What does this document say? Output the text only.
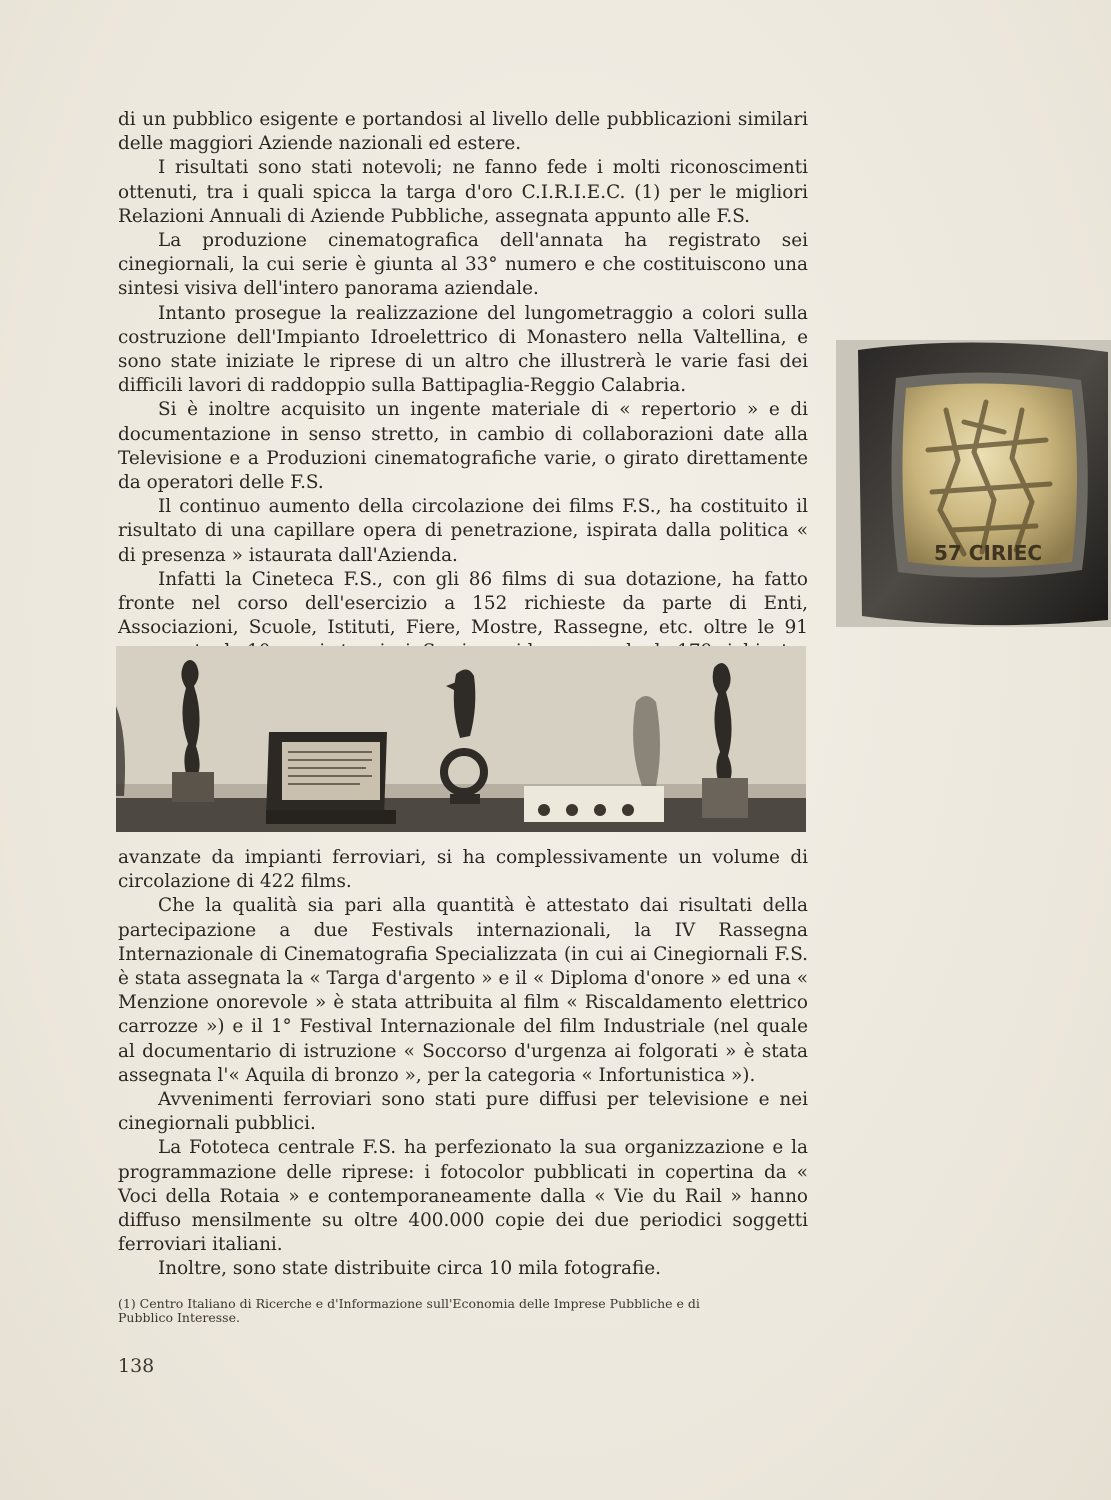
di un pubblico esigente e portandosi al livello delle pubblicazioni similari delle maggiori Aziende nazionali ed estere.

I risultati sono stati notevoli; ne fanno fede i molti riconoscimenti ottenuti, tra i quali spicca la targa d'oro C.I.R.I.E.C. (1) per le migliori Relazioni Annuali di Aziende Pubbliche, assegnata appunto alle F.S.

La produzione cinematografica dell'annata ha registrato sei cinegiornali, la cui serie è giunta al 33° numero e che costituiscono una sintesi visiva dell'intero panorama aziendale.

Intanto prosegue la realizzazione del lungometraggio a colori sulla costruzione dell'Impianto Idroelettrico di Monastero nella Valtellina, e sono state iniziate le riprese di un altro che illustrerà le varie fasi dei difficili lavori di raddoppio sulla Battipaglia-Reggio Calabria.

Si è inoltre acquisito un ingente materiale di « repertorio » e di documentazione in senso stretto, in cambio di collaborazioni date alla Televisione e a Produzioni cinematografiche varie, o girato direttamente da operatori delle F.S.

Il continuo aumento della circolazione dei films F.S., ha costituito il risultato di una capillare opera di penetrazione, ispirata dalla politica « di presenza » istaurata dall'Azienda.

Infatti la Cineteca F.S., con gli 86 films di sua dotazione, ha fatto fronte nel corso dell'esercizio a 152 richieste da parte di Enti, Associazioni, Scuole, Istituti, Fiere, Mostre, Rassegne, etc. oltre le 91

57 CIRIEC

avanzate da impianti ferroviari, si ha complessivamente un volume di circolazione di 422 films.

Che la qualità sia pari alla quantità è attestato dai risultati della partecipazione a due Festivals internazionali, la IV Rassegna Internazionale di Cinematografia Specializzata (in cui ai Cinegiornali F.S. è stata assegnata la « Targa d'argento » e il « Diploma d'onore » ed una « Menzione onorevole » è stata attribuita al film « Riscaldamento elettrico carrozze ») e il 1° Festival Internazionale del film Industriale (nel quale al documentario di istruzione « Soccorso d'urgenza ai folgorati » è stata assegnata l'« Aquila di bronzo », per la categoria « Infortunistica »).

Avvenimenti ferroviari sono stati pure diffusi per televisione e nei cinegiornali pubblici.

La Fototeca centrale F.S. ha perfezionato la sua organizzazione e la programmazione delle riprese: i fotocolor pubblicati in copertina da « Voci della Rotaia » e contemporaneamente dalla « Vie du Rail » hanno diffuso mensilmente su oltre 400.000 copie dei due periodici soggetti ferroviari italiani.

Inoltre, sono state distribuite circa 10 mila fotografie.

(1) Centro Italiano di Ricerche e d'Informazione sull'Economia delle Imprese Pubbliche e di Pubblico Interesse.
138
